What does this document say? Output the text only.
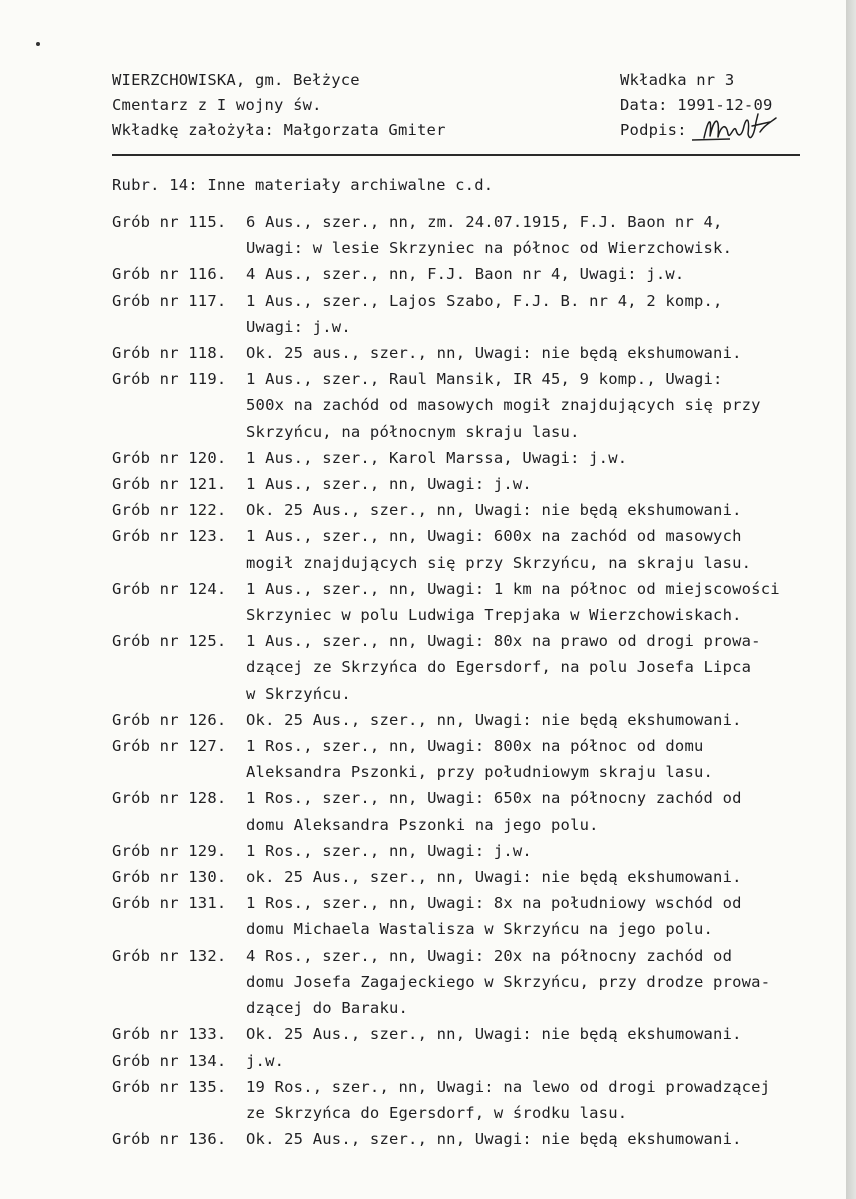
WIERZCHOWISKA, gm. Bełżyce
Cmentarz z I wojny św.
Wkładkę założyła: Małgorzata Gmiter
Wkładka nr 3
Data: 1991-12-09
Podpis:
Rubr. 14: Inne materiały archiwalne c.d.
Grób nr 115.	6 Aus., szer., nn, zm. 24.07.1915, F.J. Baon nr 4,
Uwagi: w lesie Skrzyniec na północ od Wierzchowisk.
Grób nr 116.	4 Aus., szer., nn, F.J. Baon nr 4, Uwagi: j.w.
Grób nr 117.	1 Aus., szer., Lajos Szabo, F.J. B. nr 4, 2 komp.,
Uwagi: j.w.
Grób nr 118.	Ok. 25 aus., szer., nn, Uwagi: nie będą ekshumowani.
Grób nr 119.	1 Aus., szer., Raul Mansik, IR 45, 9 komp., Uwagi:
500x na zachód od masowych mogił znajdujących się przy
Skrzyńcu, na północnym skraju lasu.
Grób nr 120.	1 Aus., szer., Karol Marssa, Uwagi: j.w.
Grób nr 121.	1 Aus., szer., nn, Uwagi: j.w.
Grób nr 122.	Ok. 25 Aus., szer., nn, Uwagi: nie będą ekshumowani.
Grób nr 123.	1 Aus., szer., nn, Uwagi: 600x na zachód od masowych
mogił znajdujących się przy Skrzyńcu, na skraju lasu.
Grób nr 124.	1 Aus., szer., nn, Uwagi: 1 km na północ od miejscowości
Skrzyniec w polu Ludwiga Trepjaka w Wierzchowiskach.
Grób nr 125.	1 Aus., szer., nn, Uwagi: 80x na prawo od drogi prowa-
dzącej ze Skrzyńca do Egersdorf, na polu Josefa Lipca
w Skrzyńcu.
Grób nr 126.	Ok. 25 Aus., szer., nn, Uwagi: nie będą ekshumowani.
Grób nr 127.	1 Ros., szer., nn, Uwagi: 800x na północ od domu
Aleksandra Pszonki, przy południowym skraju lasu.
Grób nr 128.	1 Ros., szer., nn, Uwagi: 650x na północny zachód od
domu Aleksandra Pszonki na jego polu.
Grób nr 129.	1 Ros., szer., nn, Uwagi: j.w.
Grób nr 130.	ok. 25 Aus., szer., nn, Uwagi: nie będą ekshumowani.
Grób nr 131.	1 Ros., szer., nn, Uwagi: 8x na południowy wschód od
domu Michaela Wastalisza w Skrzyńcu na jego polu.
Grób nr 132.	4 Ros., szer., nn, Uwagi: 20x na północny zachód od
domu Josefa Zagajeckiego w Skrzyńcu, przy drodze prowa-
dzącej do Baraku.
Grób nr 133.	Ok. 25 Aus., szer., nn, Uwagi: nie będą ekshumowani.
Grób nr 134.	j.w.
Grób nr 135.	19 Ros., szer., nn, Uwagi: na lewo od drogi prowadzącej
ze Skrzyńca do Egersdorf, w środku lasu.
Grób nr 136.	Ok. 25 Aus., szer., nn, Uwagi: nie będą ekshumowani.
